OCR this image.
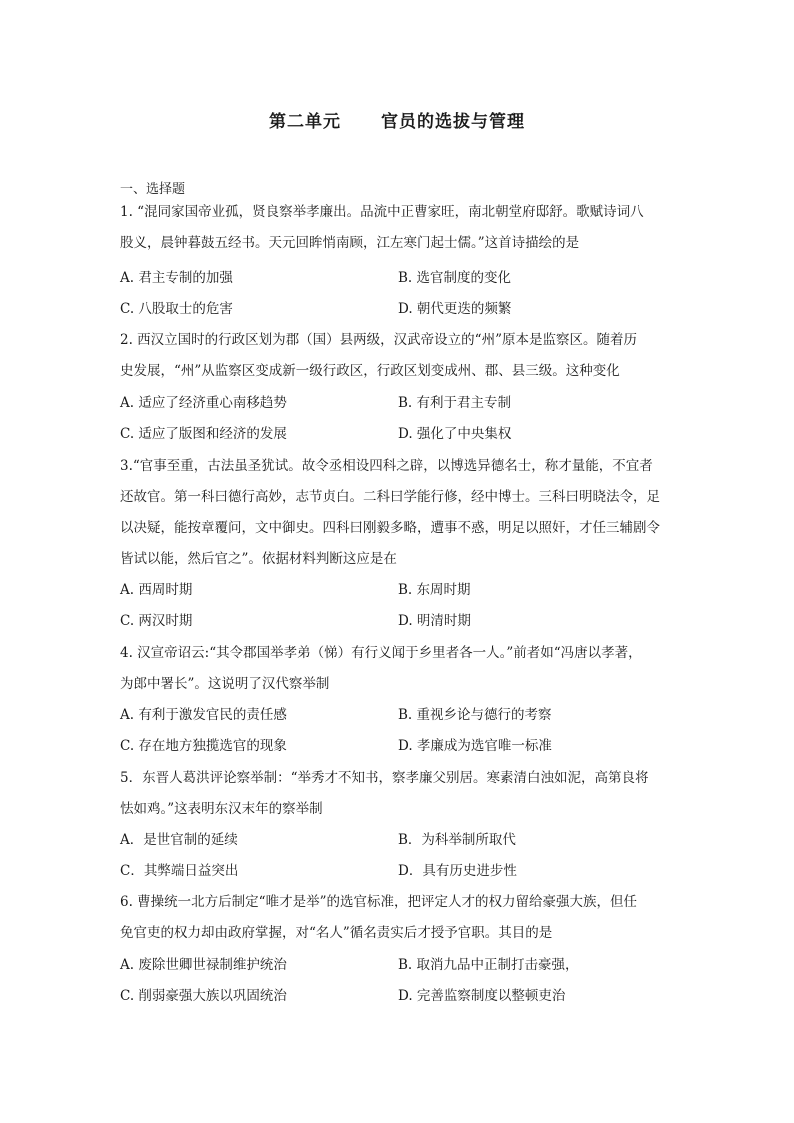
第二单元 官员的选拔与管理
一、选择题
1. “混同家国帝业孤，贤良察举孝廉出。品流中正曹家旺，南北朝堂府邸舒。歌赋诗词八
股义，晨钟暮鼓五经书。天元回眸悄南顾，江左寒门起士儒。”这首诗描绘的是
A. 君主专制的加强	B. 选官制度的变化
C. 八股取士的危害	D. 朝代更迭的频繁
2. 西汉立国时的行政区划为郡（国）县两级，汉武帝设立的“州”原本是监察区。随着历
史发展，“州”从监察区变成新一级行政区，行政区划变成州、郡、县三级。这种变化
A. 适应了经济重心南移趋势	B. 有利于君主专制
C. 适应了版图和经济的发展	D. 强化了中央集权
3.“官事至重，古法虽圣犹试。故令丞相设四科之辟，以博选异德名士，称才量能，不宜者
还故官。第一科曰德行高妙，志节贞白。二科曰学能行修，经中博士。三科曰明晓法令，足
以决疑，能按章覆问，文中御史。四科曰刚毅多略，遭事不惑，明足以照奸，才任三辅剧令
皆试以能，然后官之”。依据材料判断这应是在
A. 西周时期	B. 东周时期
C. 两汉时期	D. 明清时期
4. 汉宣帝诏云:“其令郡国举孝弟（悌）有行义闻于乡里者各一人。”前者如“冯唐以孝著，
为郎中署长”。这说明了汉代察举制
A. 有利于激发官民的责任感	B. 重视乡论与德行的考察
C. 存在地方独揽选官的现象	D. 孝廉成为选官唯一标准
5．东晋人葛洪评论察举制：“举秀才不知书，察孝廉父别居。寒素清白浊如泥，高第良将
怯如鸡。”这表明东汉末年的察举制
A．是世官制的延续	B．为科举制所取代
C．其弊端日益突出	D．具有历史进步性
6. 曹操统一北方后制定“唯才是举”的选官标准，把评定人才的权力留给豪强大族，但任
免官吏的权力却由政府掌握，对“名人”循名责实后才授予官职。其目的是
A. 废除世卿世禄制维护统治	B. 取消九品中正制打击豪强，
C. 削弱豪强大族以巩固统治	D. 完善监察制度以整顿吏治
